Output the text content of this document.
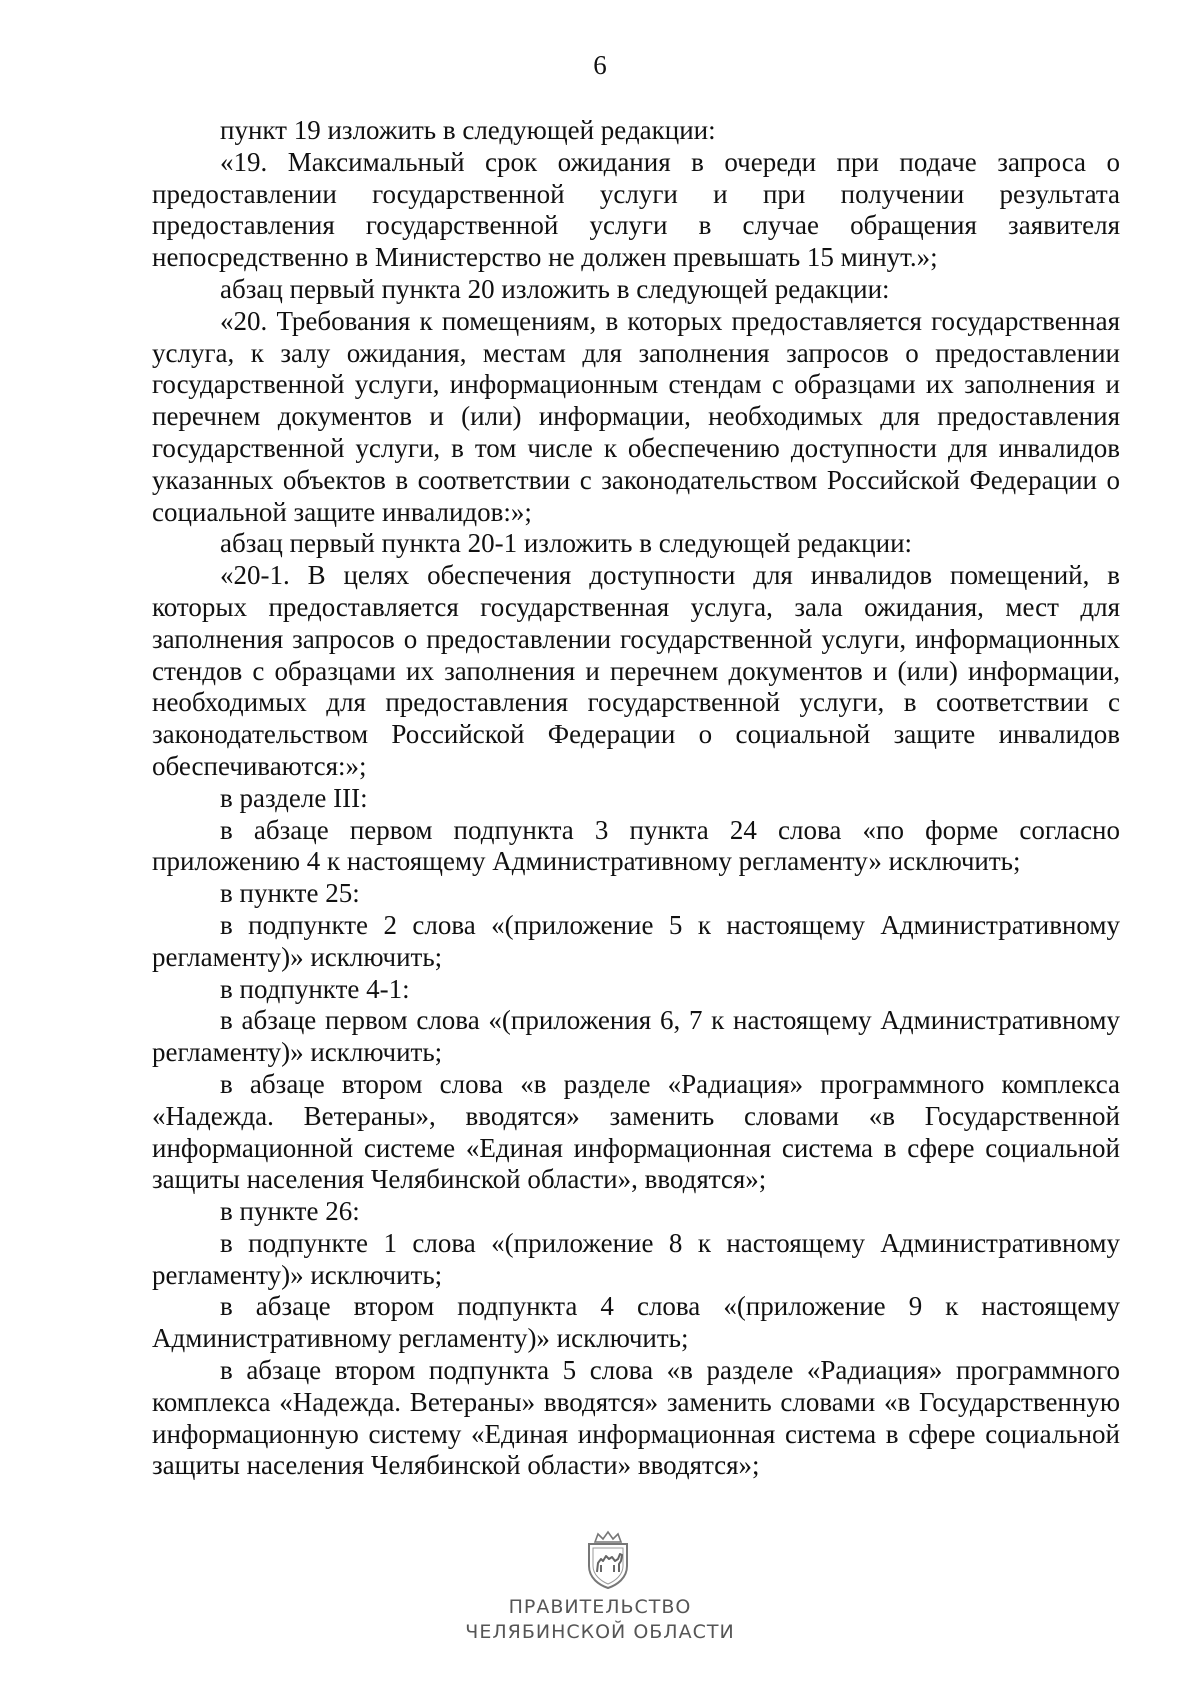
6

пункт 19 изложить в следующей редакции:

«19. Максимальный срок ожидания в очереди при подаче запроса о предоставлении государственной услуги и при получении результата предоставления государственной услуги в случае обращения заявителя непосредственно в Министерство не должен превышать 15 минут.»;

абзац первый пункта 20 изложить в следующей редакции:

«20. Требования к помещениям, в которых предоставляется государственная услуга, к залу ожидания, местам для заполнения запросов о предоставлении государственной услуги, информационным стендам с образцами их заполнения и перечнем документов и (или) информации, необходимых для предоставления государственной услуги, в том числе к обеспечению доступности для инвалидов указанных объектов в соответствии с законодательством Российской Федерации о социальной защите инвалидов:»;

абзац первый пункта 20-1 изложить в следующей редакции:

«20-1. В целях обеспечения доступности для инвалидов помещений, в которых предоставляется государственная услуга, зала ожидания, мест для заполнения запросов о предоставлении государственной услуги, информационных стендов с образцами их заполнения и перечнем документов и (или) информации, необходимых для предоставления государственной услуги, в соответствии с законодательством Российской Федерации о социальной защите инвалидов обеспечиваются:»;

в разделе III:

в абзаце первом подпункта 3 пункта 24 слова «по форме согласно приложению 4 к настоящему Административному регламенту» исключить;

в пункте 25:

в подпункте 2 слова «(приложение 5 к настоящему Административному регламенту)» исключить;

в подпункте 4-1:

в абзаце первом слова «(приложения 6, 7 к настоящему Административному регламенту)» исключить;

в абзаце втором слова «в разделе «Радиация» программного комплекса «Надежда. Ветераны», вводятся» заменить словами «в Государственной информационной системе «Единая информационная система в сфере социальной защиты населения Челябинской области», вводятся»;

в пункте 26:

в подпункте 1 слова «(приложение 8 к настоящему Административному регламенту)» исключить;

в абзаце втором подпункта 4 слова «(приложение 9 к настоящему Административному регламенту)» исключить;

в абзаце втором подпункта 5 слова «в разделе «Радиация» программного комплекса «Надежда. Ветераны» вводятся» заменить словами «в Государственную информационную систему «Единая информационная система в сфере социальной защиты населения Челябинской области» вводятся»;

ПРАВИТЕЛЬСТВО
ЧЕЛЯБИНСКОЙ ОБЛАСТИ
